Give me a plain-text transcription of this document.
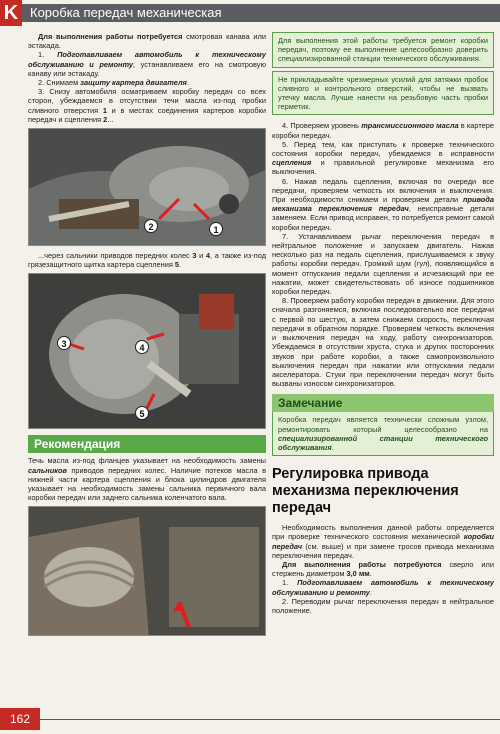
K Коробка передач механическая

Для выполнения работы потребуется смотровая канава или эстакада.

1. Подготавливаем автомобиль к техническому обслуживанию и ремонту, устанавливаем его на смотровую канаву или эстакаду.

2. Снимаем защиту картера двигателя.

3. Снизу автомобиля осматриваем коробку передач со всех сторон, убеждаемся в отсутствии течи масла из-под пробки сливного отверстия 1 и в местах соединения картеров коробки передач и сцепления 2...

2	1

...через сальники приводов передних колес 3 и 4, а также из-под грязезащитного щитка картера сцепления 5.

3	4
5
Рекомендация

Течь масла из-под фланцев указывает на необходимость замены сальников приводов передних колес. Наличие потеков масла в нижней части картера сцепления и блока цилиндров двигателя указывает на необходимость замены сальника первичного вала коробки передач или заднего сальника коленчатого вала.

Для выполнения этой работы требуется ремонт коробки передач, поэтому ее выполнение целесообразно доверить специализированной станции технического обслуживания.

Не прикладывайте чрезмерных усилий для затяжки пробок сливного и контрольного отверстий, чтобы не вызвать утечку масла. Лучше нанести на резьбовую часть пробки герметик.

4. Проверяем уровень трансмиссионного масла в картере коробки передач.

5. Перед тем, как приступать к проверке технического состояния коробки передач, убеждаемся в исправности сцепления и правильной регулировке механизма его выключения.

6. Нажав педаль сцепления, включая по очереди все передачи, проверяем четкость их включения и выключения. При необходимости снимаем и проверяем детали привода механизма переключения передач, неисправные детали заменяем. Если привод исправен, то потребуется ремонт самой коробки передач.

7. Устанавливаем рычаг переключения передач в нейтральное положение и запускаем двигатель. Нажав несколько раз на педаль сцепления, прислушиваемся к звуку работы коробки передач. Громкий шум (гул), появляющийся в момент отпускания педали сцепления и исчезающий при ее нажатии, может свидетельствовать об износе подшипников коробки передач.

8. Проверяем работу коробки передач в движении. Для этого сначала разгоняемся, включая последовательно все передачи с первой по шестую, а затем снижаем скорость, переключая передачи в обратном порядке. Проверяем четкость включения и выключения передач на ходу, работу синхронизаторов. Убеждаемся в отсутствии хруста, стука и других посторонних звуков при работе коробки, а также самопроизвольного выключения передач при нажатии или отпускании педали акселератора. Стуки при переключении передач могут быть вызваны износом синхронизаторов.

Замечание

Коробка передач является технически сложным узлом, ремонтировать который целесообразно на специализированной станции технического обслуживания.

Регулировка привода механизма переключения передач

Необходимость выполнения данной работы определяется при проверке технического состояния механической коробки передач (см. выше) и при замене тросов привода механизма переключения передач.

Для выполнения работы потребуются сверло или стержень диаметром 3,0 мм.

1. Подготавливаем автомобиль к техническому обслуживанию и ремонту.

2. Переводим рычаг переключения передач в нейтральное положение.

162
